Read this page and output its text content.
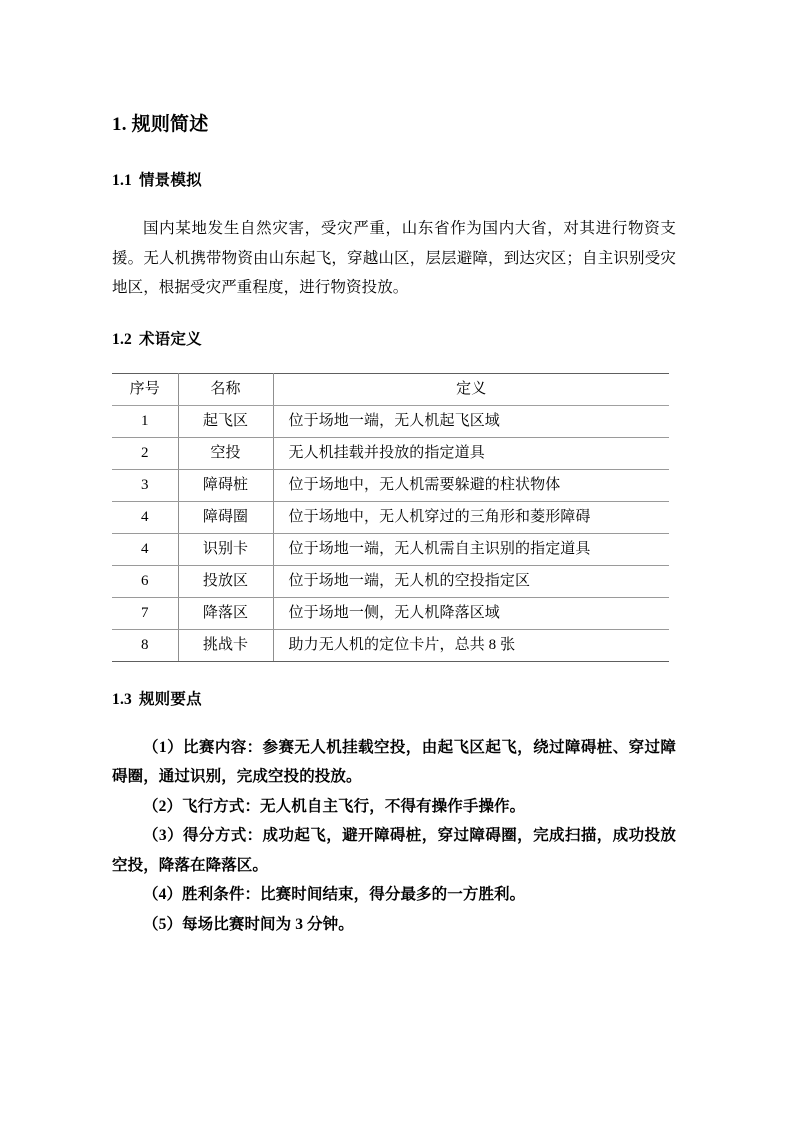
1. 规则简述
1.1 情景模拟

国内某地发生自然灾害，受灾严重，山东省作为国内大省，对其进行物资支援。无人机携带物资由山东起飞，穿越山区，层层避障，到达灾区；自主识别受灾地区，根据受灾严重程度，进行物资投放。

1.2 术语定义
序号	名称	定义
1	起飞区	位于场地一端，无人机起飞区域
2	空投	无人机挂载并投放的指定道具
3	障碍桩	位于场地中，无人机需要躲避的柱状物体
4	障碍圈	位于场地中，无人机穿过的三角形和菱形障碍
4	识别卡	位于场地一端，无人机需自主识别的指定道具
6	投放区	位于场地一端，无人机的空投指定区
7	降落区	位于场地一侧，无人机降落区域
8	挑战卡	助力无人机的定位卡片，总共 8 张
1.3 规则要点

（1）比赛内容：参赛无人机挂载空投，由起飞区起飞，绕过障碍桩、穿过障碍圈，通过识别，完成空投的投放。

（2）飞行方式：无人机自主飞行，不得有操作手操作。

（3）得分方式：成功起飞，避开障碍桩，穿过障碍圈，完成扫描，成功投放空投，降落在降落区。

（4）胜利条件：比赛时间结束，得分最多的一方胜利。

（5）每场比赛时间为 3 分钟。
